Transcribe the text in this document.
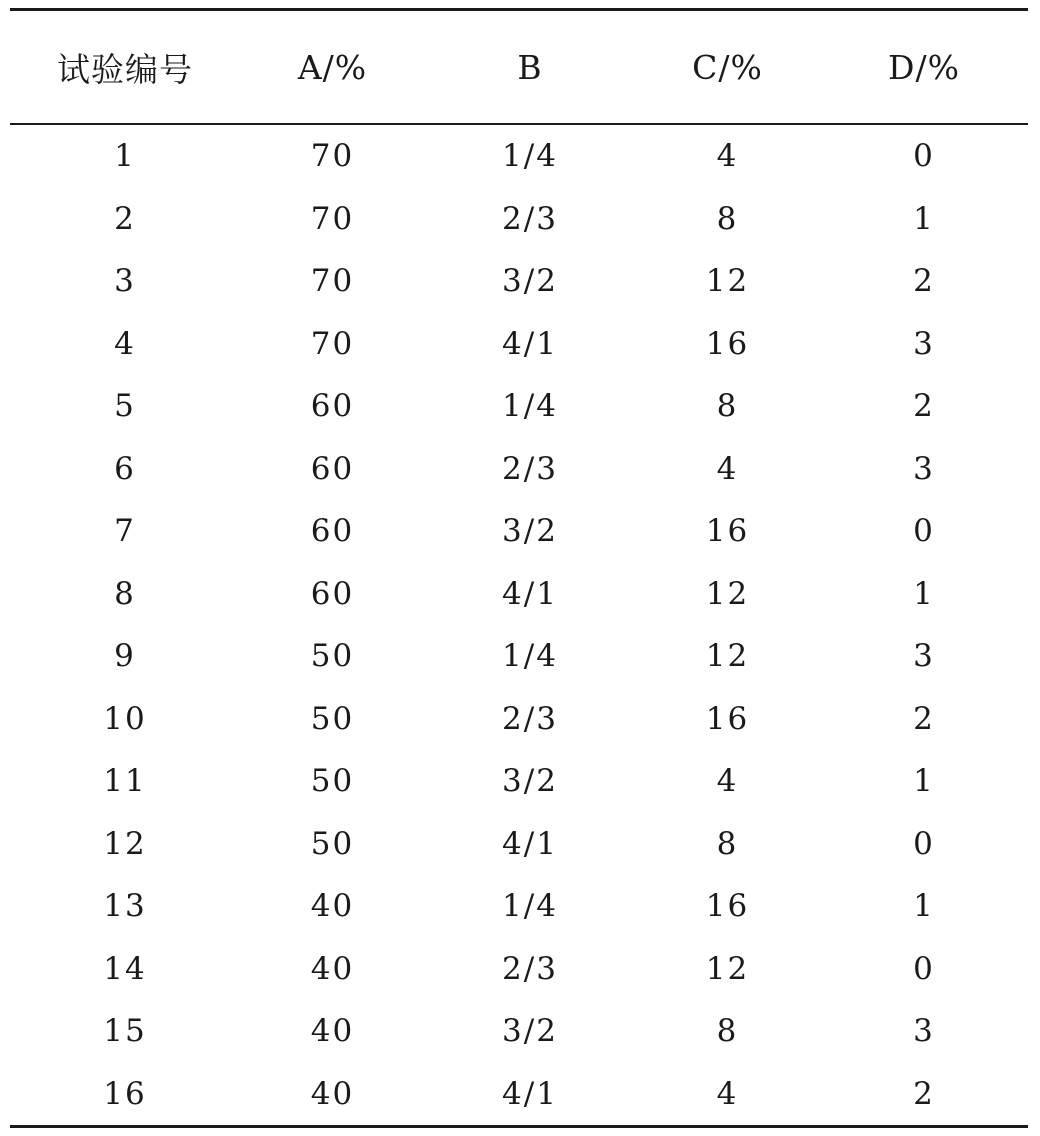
试验编号	A/%	B	C/%	D/%
1	70	1/4	4	0
2	70	2/3	8	1
3	70	3/2	12	2
4	70	4/1	16	3
5	60	1/4	8	2
6	60	2/3	4	3
7	60	3/2	16	0
8	60	4/1	12	1
9	50	1/4	12	3
10	50	2/3	16	2
11	50	3/2	4	1
12	50	4/1	8	0
13	40	1/4	16	1
14	40	2/3	12	0
15	40	3/2	8	3
16	40	4/1	4	2
